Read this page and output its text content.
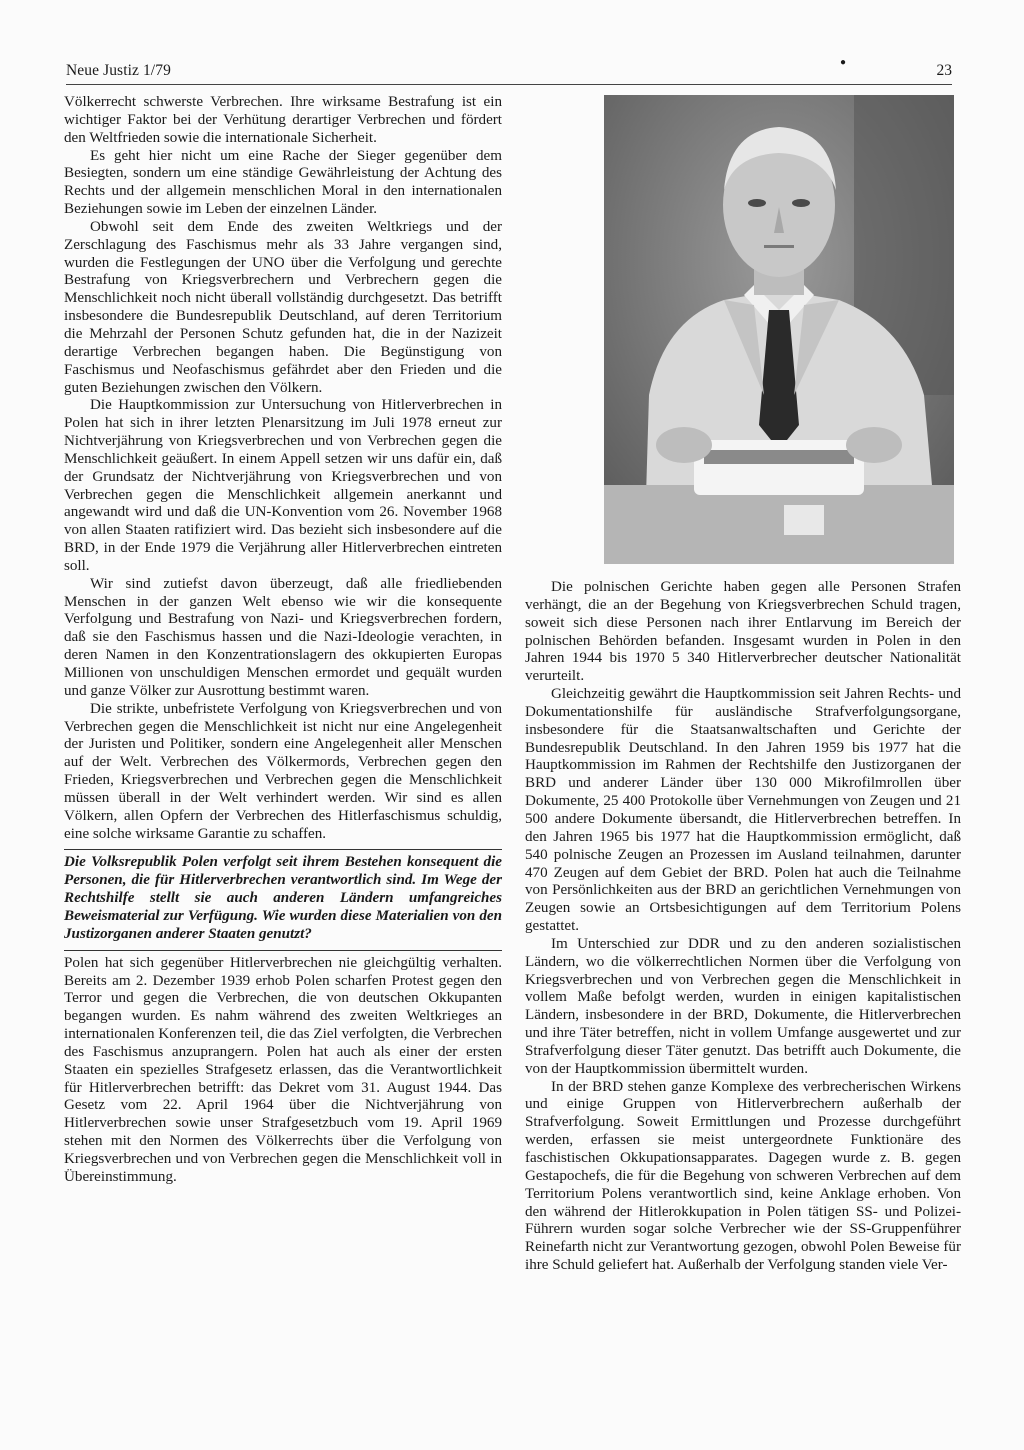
Neue Justiz 1/79	●	23

Völkerrecht schwerste Verbrechen. Ihre wirksame Bestrafung ist ein wichtiger Faktor bei der Verhütung derartiger Verbrechen und fördert den Weltfrieden sowie die internationale Sicherheit.

Es geht hier nicht um eine Rache der Sieger gegenüber dem Besiegten, sondern um eine ständige Gewährleistung der Achtung des Rechts und der allgemein menschlichen Moral in den internationalen Beziehungen sowie im Leben der einzelnen Länder.

Obwohl seit dem Ende des zweiten Weltkriegs und der Zerschlagung des Faschismus mehr als 33 Jahre vergangen sind, wurden die Festlegungen der UNO über die Verfolgung und gerechte Bestrafung von Kriegsverbrechern und Verbrechern gegen die Menschlichkeit noch nicht überall vollständig durchgesetzt. Das betrifft insbesondere die Bundesrepublik Deutschland, auf deren Territorium die Mehrzahl der Personen Schutz gefunden hat, die in der Nazizeit derartige Verbrechen begangen haben. Die Begünstigung von Faschismus und Neofaschismus gefährdet aber den Frieden und die guten Beziehungen zwischen den Völkern.

Die Hauptkommission zur Untersuchung von Hitlerverbrechen in Polen hat sich in ihrer letzten Plenarsitzung im Juli 1978 erneut zur Nichtverjährung von Kriegsverbrechen und von Verbrechen gegen die Menschlichkeit geäußert. In einem Appell setzen wir uns dafür ein, daß der Grundsatz der Nichtverjährung von Kriegsverbrechen und von Verbrechen gegen die Menschlichkeit allgemein anerkannt und angewandt wird und daß die UN-Konvention vom 26. November 1968 von allen Staaten ratifiziert wird. Das bezieht sich insbesondere auf die BRD, in der Ende 1979 die Verjährung aller Hitlerverbrechen eintreten soll.

Wir sind zutiefst davon überzeugt, daß alle friedliebenden Menschen in der ganzen Welt ebenso wie wir die konsequente Verfolgung und Bestrafung von Nazi- und Kriegsverbrechen fordern, daß sie den Faschismus hassen und die Nazi-Ideologie verachten, in deren Namen in den Konzentrationslagern des okkupierten Europas Millionen von unschuldigen Menschen ermordet und gequält wurden und ganze Völker zur Ausrottung bestimmt waren.

Die strikte, unbefristete Verfolgung von Kriegsverbrechen und von Verbrechen gegen die Menschlichkeit ist nicht nur eine Angelegenheit der Juristen und Politiker, sondern eine Angelegenheit aller Menschen auf der Welt. Verbrechen des Völkermords, Verbrechen gegen den Frieden, Kriegsverbrechen und Verbrechen gegen die Menschlichkeit müssen überall in der Welt verhindert werden. Wir sind es allen Völkern, allen Opfern der Verbrechen des Hitlerfaschismus schuldig, eine solche wirksame Garantie zu schaffen.

Die Volksrepublik Polen verfolgt seit ihrem Bestehen konsequent die Personen, die für Hitlerverbrechen verantwortlich sind. Im Wege der Rechtshilfe stellt sie auch anderen Ländern umfangreiches Beweismaterial zur Verfügung. Wie wurden diese Materialien von den Justizorganen anderer Staaten genutzt?

Polen hat sich gegenüber Hitlerverbrechen nie gleichgültig verhalten. Bereits am 2. Dezember 1939 erhob Polen scharfen Protest gegen den Terror und gegen die Verbrechen, die von deutschen Okkupanten begangen wurden. Es nahm während des zweiten Weltkrieges an internationalen Konferenzen teil, die das Ziel verfolgten, die Verbrechen des Faschismus anzuprangern. Polen hat auch als einer der ersten Staaten ein spezielles Strafgesetz erlassen, das die Verantwortlichkeit für Hitlerverbrechen betrifft: das Dekret vom 31. August 1944. Das Gesetz vom 22. April 1964 über die Nichtverjährung von Hitlerverbrechen sowie unser Strafgesetzbuch vom 19. April 1969 stehen mit den Normen des Völkerrechts über die Verfolgung von Kriegsverbrechen und von Verbrechen gegen die Menschlichkeit voll in Übereinstimmung.

Die polnischen Gerichte haben gegen alle Personen Strafen verhängt, die an der Begehung von Kriegsverbrechen Schuld tragen, soweit sich diese Personen nach ihrer Entlarvung im Bereich der polnischen Behörden befanden. Insgesamt wurden in Polen in den Jahren 1944 bis 1970 5 340 Hitlerverbrecher deutscher Nationalität verurteilt.

Gleichzeitig gewährt die Hauptkommission seit Jahren Rechts- und Dokumentationshilfe für ausländische Strafverfolgungsorgane, insbesondere für die Staatsanwaltschaften und Gerichte der Bundesrepublik Deutschland. In den Jahren 1959 bis 1977 hat die Hauptkommission im Rahmen der Rechtshilfe den Justizorganen der BRD und anderer Länder über 130 000 Mikrofilmrollen über Dokumente, 25 400 Protokolle über Vernehmungen von Zeugen und 21 500 andere Dokumente übersandt, die Hitlerverbrechen betreffen. In den Jahren 1965 bis 1977 hat die Hauptkommission ermöglicht, daß 540 polnische Zeugen an Prozessen im Ausland teilnahmen, darunter 470 Zeugen auf dem Gebiet der BRD. Polen hat auch die Teilnahme von Persönlichkeiten aus der BRD an gerichtlichen Vernehmungen von Zeugen sowie an Ortsbesichtigungen auf dem Territorium Polens gestattet.

Im Unterschied zur DDR und zu den anderen sozialistischen Ländern, wo die völkerrechtlichen Normen über die Verfolgung von Kriegsverbrechen und von Verbrechen gegen die Menschlichkeit in vollem Maße befolgt werden, wurden in einigen kapitalistischen Ländern, insbesondere in der BRD, Dokumente, die Hitlerverbrechen und ihre Täter betreffen, nicht in vollem Umfange ausgewertet und zur Strafverfolgung dieser Täter genutzt. Das betrifft auch Dokumente, die von der Hauptkommission übermittelt wurden.

In der BRD stehen ganze Komplexe des verbrecherischen Wirkens und einige Gruppen von Hitlerverbrechern außerhalb der Strafverfolgung. Soweit Ermittlungen und Prozesse durchgeführt werden, erfassen sie meist untergeordnete Funktionäre des faschistischen Okkupationsapparates. Dagegen wurde z. B. gegen Gestapochefs, die für die Begehung von schweren Verbrechen auf dem Territorium Polens verantwortlich sind, keine Anklage erhoben. Von den während der Hitlerokkupation in Polen tätigen SS- und Polizei-Führern wurden sogar solche Verbrecher wie der SS-Gruppenführer Reinefarth nicht zur Verantwortung gezogen, obwohl Polen Beweise für ihre Schuld geliefert hat. Außerhalb der Verfolgung standen viele Ver-
